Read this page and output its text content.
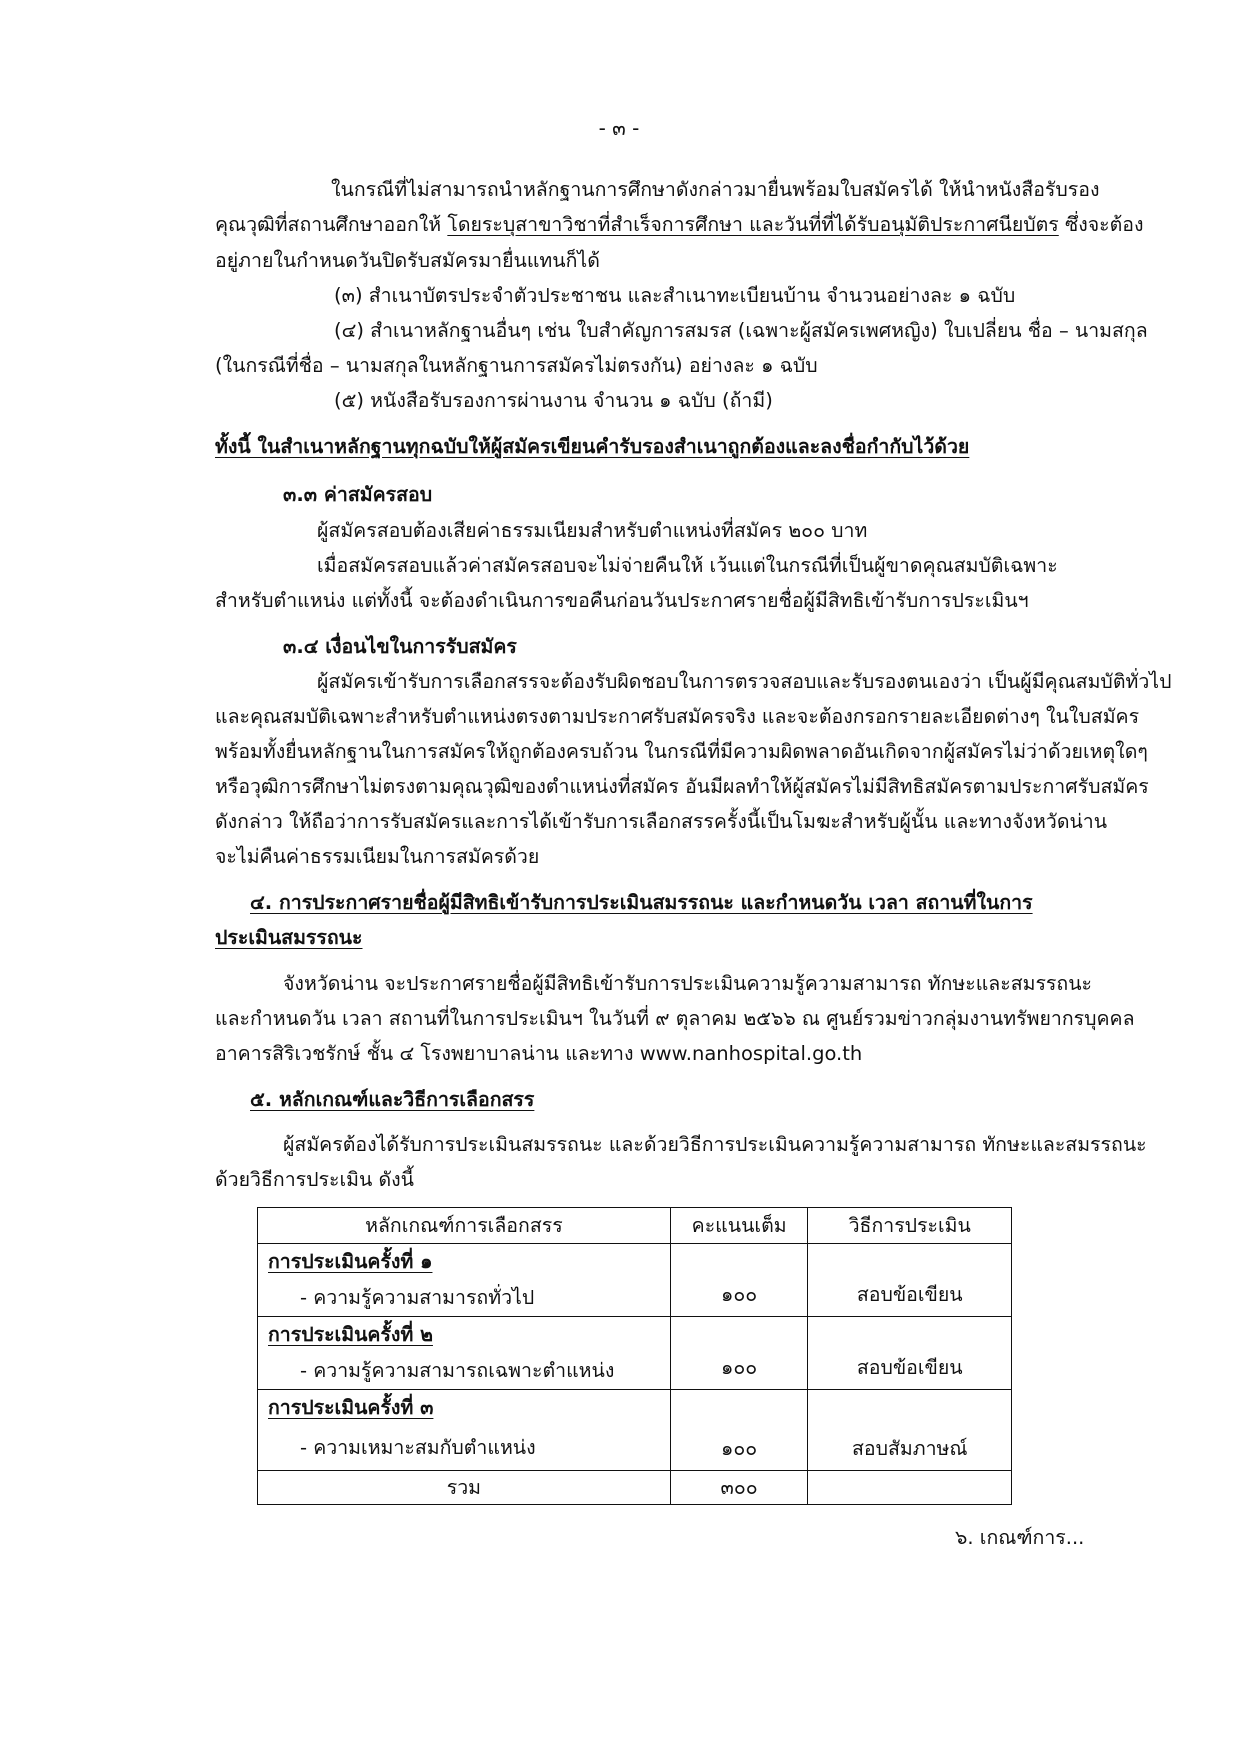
- ๓ -
ในกรณีที่ไม่สามารถนำหลักฐานการศึกษาดังกล่าวมายื่นพร้อมใบสมัครได้ ให้นำหนังสือรับรอง
คุณวุฒิที่สถานศึกษาออกให้ โดยระบุสาขาวิชาที่สำเร็จการศึกษา และวันที่ที่ได้รับอนุมัติประกาศนียบัตร ซึ่งจะต้อง
อยู่ภายในกำหนดวันปิดรับสมัครมายื่นแทนก็ได้
(๓) สำเนาบัตรประจำตัวประชาชน และสำเนาทะเบียนบ้าน จำนวนอย่างละ ๑ ฉบับ
(๔) สำเนาหลักฐานอื่นๆ เช่น ใบสำคัญการสมรส (เฉพาะผู้สมัครเพศหญิง) ใบเปลี่ยน ชื่อ – นามสกุล
(ในกรณีที่ชื่อ – นามสกุลในหลักฐานการสมัครไม่ตรงกัน) อย่างละ ๑ ฉบับ
(๕) หนังสือรับรองการผ่านงาน จำนวน ๑ ฉบับ (ถ้ามี)
ทั้งนี้ ในสำเนาหลักฐานทุกฉบับให้ผู้สมัครเขียนคำรับรองสำเนาถูกต้องและลงชื่อกำกับไว้ด้วย
๓.๓ ค่าสมัครสอบ
ผู้สมัครสอบต้องเสียค่าธรรมเนียมสำหรับตำแหน่งที่สมัคร ๒๐๐ บาท
เมื่อสมัครสอบแล้วค่าสมัครสอบจะไม่จ่ายคืนให้ เว้นแต่ในกรณีที่เป็นผู้ขาดคุณสมบัติเฉพาะ
สำหรับตำแหน่ง แต่ทั้งนี้ จะต้องดำเนินการขอคืนก่อนวันประกาศรายชื่อผู้มีสิทธิเข้ารับการประเมินฯ
๓.๔ เงื่อนไขในการรับสมัคร
ผู้สมัครเข้ารับการเลือกสรรจะต้องรับผิดชอบในการตรวจสอบและรับรองตนเองว่า เป็นผู้มีคุณสมบัติทั่วไป
และคุณสมบัติเฉพาะสำหรับตำแหน่งตรงตามประกาศรับสมัครจริง และจะต้องกรอกรายละเอียดต่างๆ ในใบสมัคร
พร้อมทั้งยื่นหลักฐานในการสมัครให้ถูกต้องครบถ้วน ในกรณีที่มีความผิดพลาดอันเกิดจากผู้สมัครไม่ว่าด้วยเหตุใดๆ
หรือวุฒิการศึกษาไม่ตรงตามคุณวุฒิของตำแหน่งที่สมัคร อันมีผลทำให้ผู้สมัครไม่มีสิทธิสมัครตามประกาศรับสมัคร
ดังกล่าว ให้ถือว่าการรับสมัครและการได้เข้ารับการเลือกสรรครั้งนี้เป็นโมฆะสำหรับผู้นั้น และทางจังหวัดน่าน
จะไม่คืนค่าธรรมเนียมในการสมัครด้วย
๔. การประกาศรายชื่อผู้มีสิทธิเข้ารับการประเมินสมรรถนะ และกำหนดวัน เวลา สถานที่ในการ
ประเมินสมรรถนะ
จังหวัดน่าน จะประกาศรายชื่อผู้มีสิทธิเข้ารับการประเมินความรู้ความสามารถ ทักษะและสมรรถนะ
และกำหนดวัน เวลา สถานที่ในการประเมินฯ ในวันที่ ๙ ตุลาคม ๒๕๖๖ ณ ศูนย์รวมข่าวกลุ่มงานทรัพยากรบุคคล
อาคารสิริเวชรักษ์ ชั้น ๔ โรงพยาบาลน่าน และทาง www.nanhospital.go.th
๕. หลักเกณฑ์และวิธีการเลือกสรร
ผู้สมัครต้องได้รับการประเมินสมรรถนะ และด้วยวิธีการประเมินความรู้ความสามารถ ทักษะและสมรรถนะ
ด้วยวิธีการประเมิน ดังนี้
หลักเกณฑ์การเลือกสรร	คะแนนเต็ม	วิธีการประเมิน

การประเมินครั้งที่ ๑
- ความรู้ความสามารถทั่วไป	๑๐๐	สอบข้อเขียน

การประเมินครั้งที่ ๒
- ความรู้ความสามารถเฉพาะตำแหน่ง	๑๐๐	สอบข้อเขียน

การประเมินครั้งที่ ๓
- ความเหมาะสมกับตำแหน่ง	๑๐๐	สอบสัมภาษณ์
รวม	๓๐๐	
๖. เกณฑ์การ...
